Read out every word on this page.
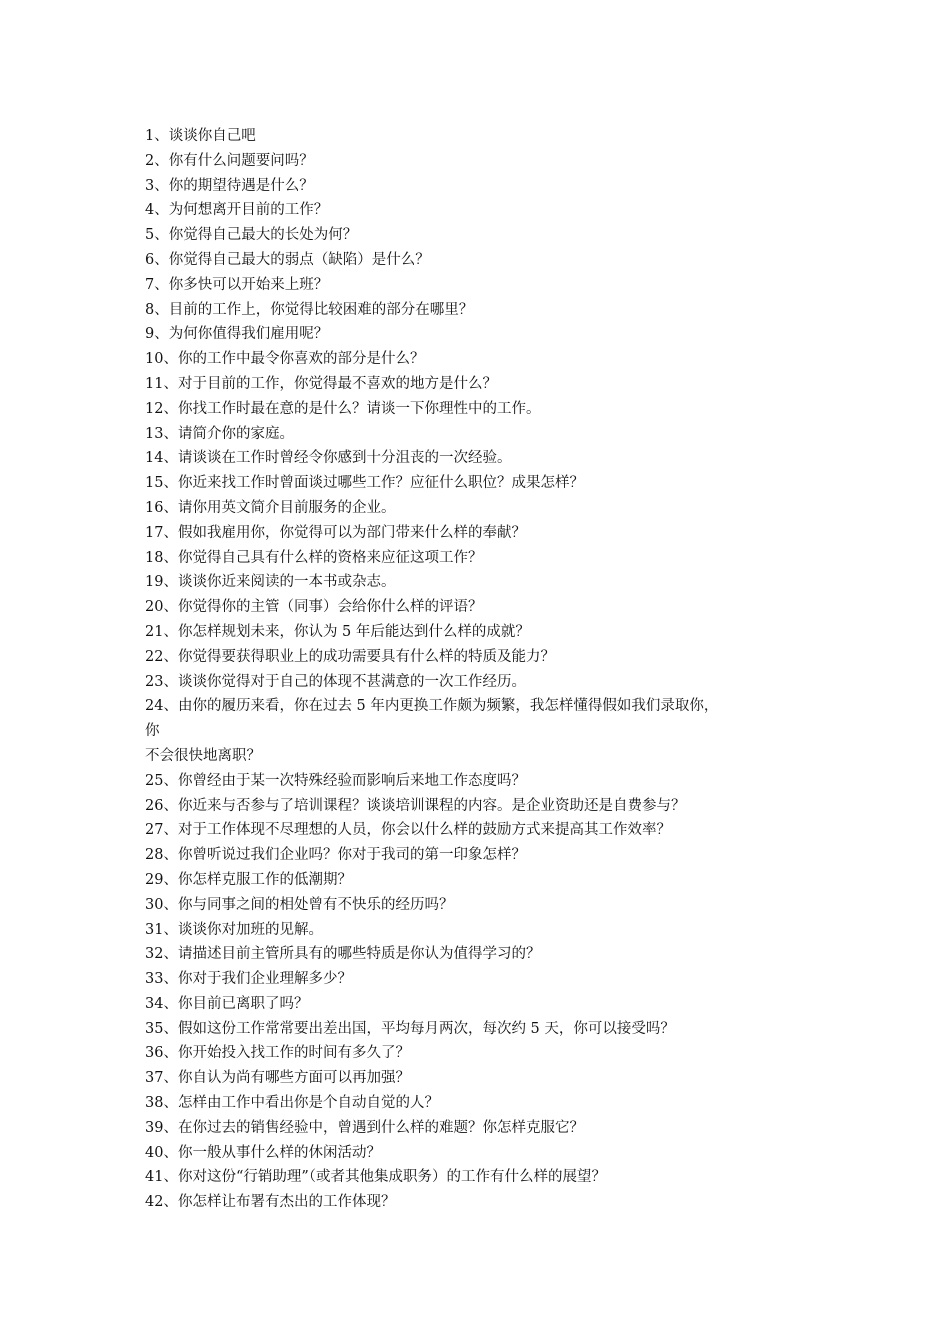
1、谈谈你自己吧
2、你有什么问题要问吗？
3、你的期望待遇是什么？
4、为何想离开目前的工作？
5、你觉得自己最大的长处为何？
6、你觉得自己最大的弱点（缺陷）是什么？
7、你多快可以开始来上班？
8、目前的工作上，你觉得比较困难的部分在哪里？
9、为何你值得我们雇用呢？
10、你的工作中最令你喜欢的部分是什么？
11、对于目前的工作，你觉得最不喜欢的地方是什么？
12、你找工作时最在意的是什么？请谈一下你理性中的工作。
13、请简介你的家庭。
14、请谈谈在工作时曾经令你感到十分沮丧的一次经验。
15、你近来找工作时曾面谈过哪些工作？应征什么职位？成果怎样？
16、请你用英文简介目前服务的企业。
17、假如我雇用你，你觉得可以为部门带来什么样的奉献？
18、你觉得自己具有什么样的资格来应征这项工作？
19、谈谈你近来阅读的一本书或杂志。
20、你觉得你的主管（同事）会给你什么样的评语？
21、你怎样规划未来，你认为 5 年后能达到什么样的成就？
22、你觉得要获得职业上的成功需要具有什么样的特质及能力？
23、谈谈你觉得对于自己的体现不甚满意的一次工作经历。
24、由你的履历来看，你在过去 5 年内更换工作颇为频繁，我怎样懂得假如我们录取你，
你
不会很快地离职？
25、你曾经由于某一次特殊经验而影响后来地工作态度吗？
26、你近来与否参与了培训课程？谈谈培训课程的内容。是企业资助还是自费参与？
27、对于工作体现不尽理想的人员，你会以什么样的鼓励方式来提高其工作效率？
28、你曾听说过我们企业吗？你对于我司的第一印象怎样？
29、你怎样克服工作的低潮期？
30、你与同事之间的相处曾有不快乐的经历吗？
31、谈谈你对加班的见解。
32、请描述目前主管所具有的哪些特质是你认为值得学习的？
33、你对于我们企业理解多少？
34、你目前已离职了吗？
35、假如这份工作常常要出差出国，平均每月两次，每次约 5 天，你可以接受吗？
36、你开始投入找工作的时间有多久了？
37、你自认为尚有哪些方面可以再加强？
38、怎样由工作中看出你是个自动自觉的人？
39、在你过去的销售经验中，曾遇到什么样的难题？你怎样克服它？
40、你一般从事什么样的休闲活动？
41、你对这份“行销助理”（或者其他集成职务）的工作有什么样的展望？
42、你怎样让布署有杰出的工作体现？
